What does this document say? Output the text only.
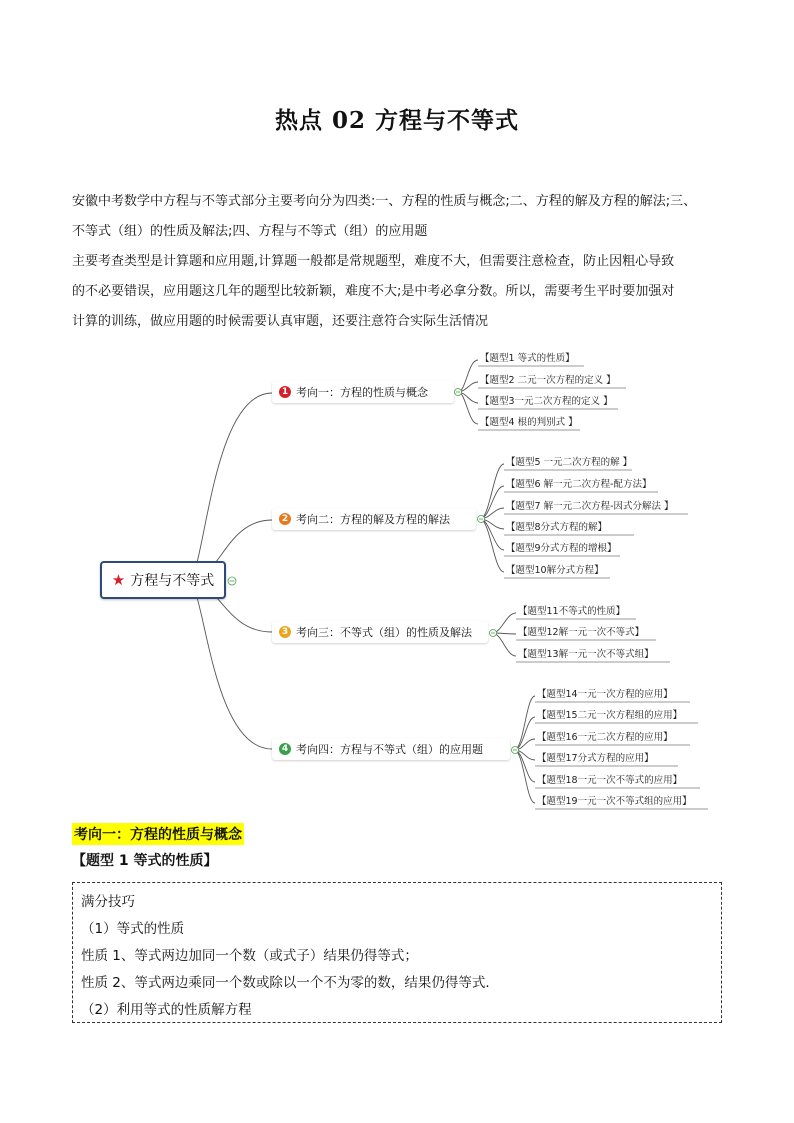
热点 02 方程与不等式
安徽中考数学中方程与不等式部分主要考向分为四类:一、方程的性质与概念;二、方程的解及方程的解法;三、
不等式（组）的性质及解法;四、方程与不等式（组）的应用题
主要考查类型是计算题和应用题,计算题一般都是常规题型，难度不大，但需要注意检查，防止因粗心导致
的不必要错误，应用题这几年的题型比较新颖，难度不大;是中考必拿分数。所以，需要考生平时要加强对
计算的训练，做应用题的时候需要认真审题，还要注意符合实际生活情况
★ 方程与不等式
1 考向一：方程的性质与概念
2 考向二：方程的解及方程的解法
3 考向三：不等式（组）的性质及解法
4 考向四：方程与不等式（组）的应用题
【题型1 等式的性质】
【题型2 二元一次方程的定义 】
【题型3一元二次方程的定义 】
【题型4 根的判别式 】
【题型5 一元二次方程的解 】
【题型6 解一元二次方程-配方法】
【题型7 解一元二次方程-因式分解法 】
【题型8分式方程的解】
【题型9分式方程的增根】
【题型10解分式方程】
【题型11不等式的性质】
【题型12解一元一次不等式】
【题型13解一元一次不等式组】
【题型14一元一次方程的应用】
【题型15二元一次方程组的应用】
【题型16一元二次方程的应用】
【题型17分式方程的应用】
【题型18一元一次不等式的应用】
【题型19一元一次不等式组的应用】
考向一：方程的性质与概念
【题型 1 等式的性质】
满分技巧
（1）等式的性质
性质 1、等式两边加同一个数（或式子）结果仍得等式；
性质 2、等式两边乘同一个数或除以一个不为零的数，结果仍得等式．
（2）利用等式的性质解方程
